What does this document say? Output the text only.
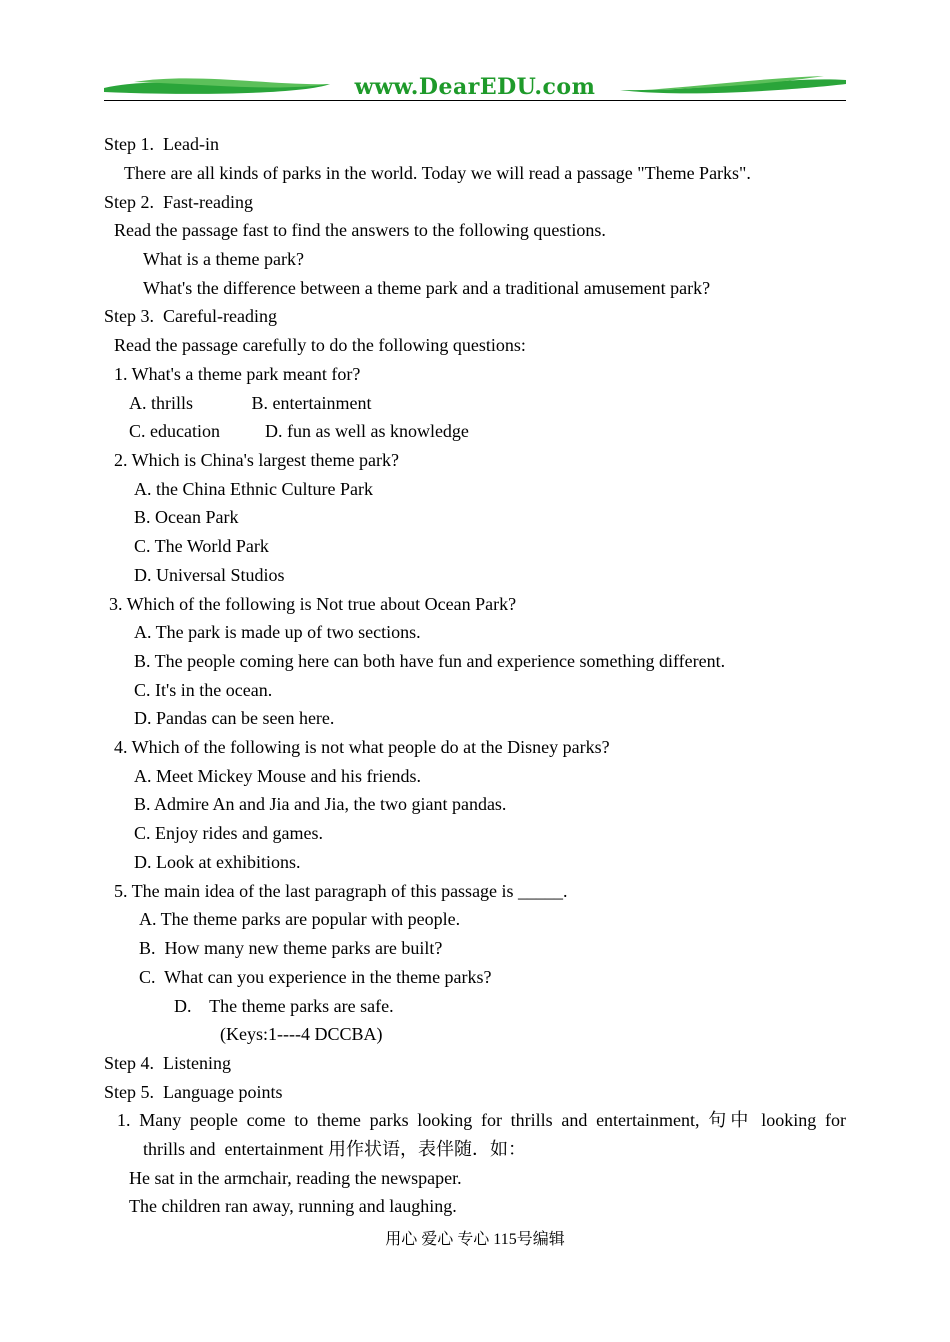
www.DearEDU.com
Step 1.  Lead-in
There are all kinds of parks in the world. Today we will read a passage "Theme Parks".
Step 2.  Fast-reading
Read the passage fast to find the answers to the following questions.
What is a theme park?
What's the difference between a theme park and a traditional amusement park?
Step 3.  Careful-reading
Read the passage carefully to do the following questions:
1. What's a theme park meant for?
A. thrills             B. entertainment
C. education          D. fun as well as knowledge
2. Which is China's largest theme park?
A. the China Ethnic Culture Park
B. Ocean Park
C. The World Park
D. Universal Studios
3. Which of the following is Not true about Ocean Park?
A. The park is made up of two sections.
B. The people coming here can both have fun and experience something different.
C. It's in the ocean.
D. Pandas can be seen here.
4. Which of the following is not what people do at the Disney parks?
A. Meet Mickey Mouse and his friends.
B. Admire An and Jia and Jia, the two giant pandas.
C. Enjoy rides and games.
D. Look at exhibitions.
5. The main idea of the last paragraph of this passage is _____.
A. The theme parks are popular with people.
B.  How many new theme parks are built?
C.  What can you experience in the theme parks?
D.    The theme parks are safe.
(Keys:1----4 DCCBA)
Step 4.  Listening
Step 5.  Language points
1. Many people come to theme parks looking for thrills and entertainment, 句中 looking for
thrills and  entertainment 用作状语，表伴随．如：
He sat in the armchair, reading the newspaper.
The children ran away, running and laughing.
用心 爱心 专心 115号编辑
